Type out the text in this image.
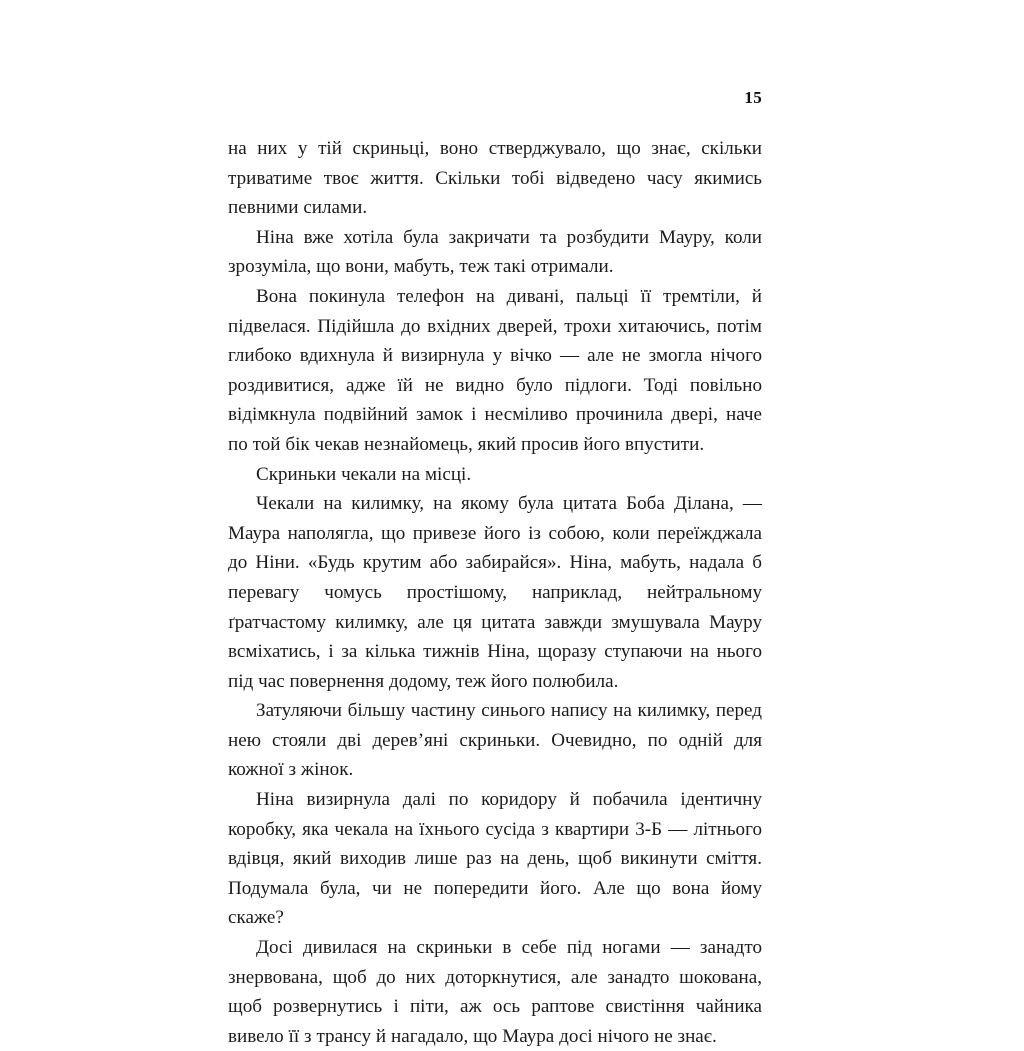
15

на них у тій скриньці, воно стверджувало, що знає, скільки триватиме твоє життя. Скільки тобі відведено часу якимись певними силами.

Ніна вже хотіла була закричати та розбудити Мауру, коли зрозуміла, що вони, мабуть, теж такі отримали.

Вона покинула телефон на дивані, пальці її тремтіли, й підвелася. Підійшла до вхідних дверей, трохи хитаючись, потім глибоко вдихнула й визирнула у вічко — але не змогла нічого роздивитися, адже їй не видно було підлоги. Тоді повільно відімкнула подвійний замок і несміливо прочинила двері, наче по той бік чекав незнайомець, який просив його впустити.

Скриньки чекали на місці.

Чекали на килимку, на якому була цитата Боба Ділана, — Маура наполягла, що привезе його із собою, коли переїжджала до Ніни. «Будь крутим або забирайся». Ніна, мабуть, надала б перевагу чомусь простішому, наприклад, нейтральному ґратчастому килимку, але ця цитата завжди змушувала Мауру всміхатись, і за кілька тижнів Ніна, щоразу ступаючи на нього під час повернення додому, теж його полюбила.

Затуляючи більшу частину синього напису на килимку, перед нею стояли дві дерев’яні скриньки. Очевидно, по одній для кожної з жінок.

Ніна визирнула далі по коридору й побачила ідентичну коробку, яка чекала на їхнього сусіда з квартири 3-Б — літнього вдівця, який виходив лише раз на день, щоб викинути сміття. Подумала була, чи не попередити його. Але що вона йому скаже?

Досі дивилася на скриньки в себе під ногами — занадто знервована, щоб до них доторкнутися, але занадто шокована, щоб розвернутись і піти, аж ось раптове свистіння чайника вивело її з трансу й нагадало, що Маура досі нічого не знає.
